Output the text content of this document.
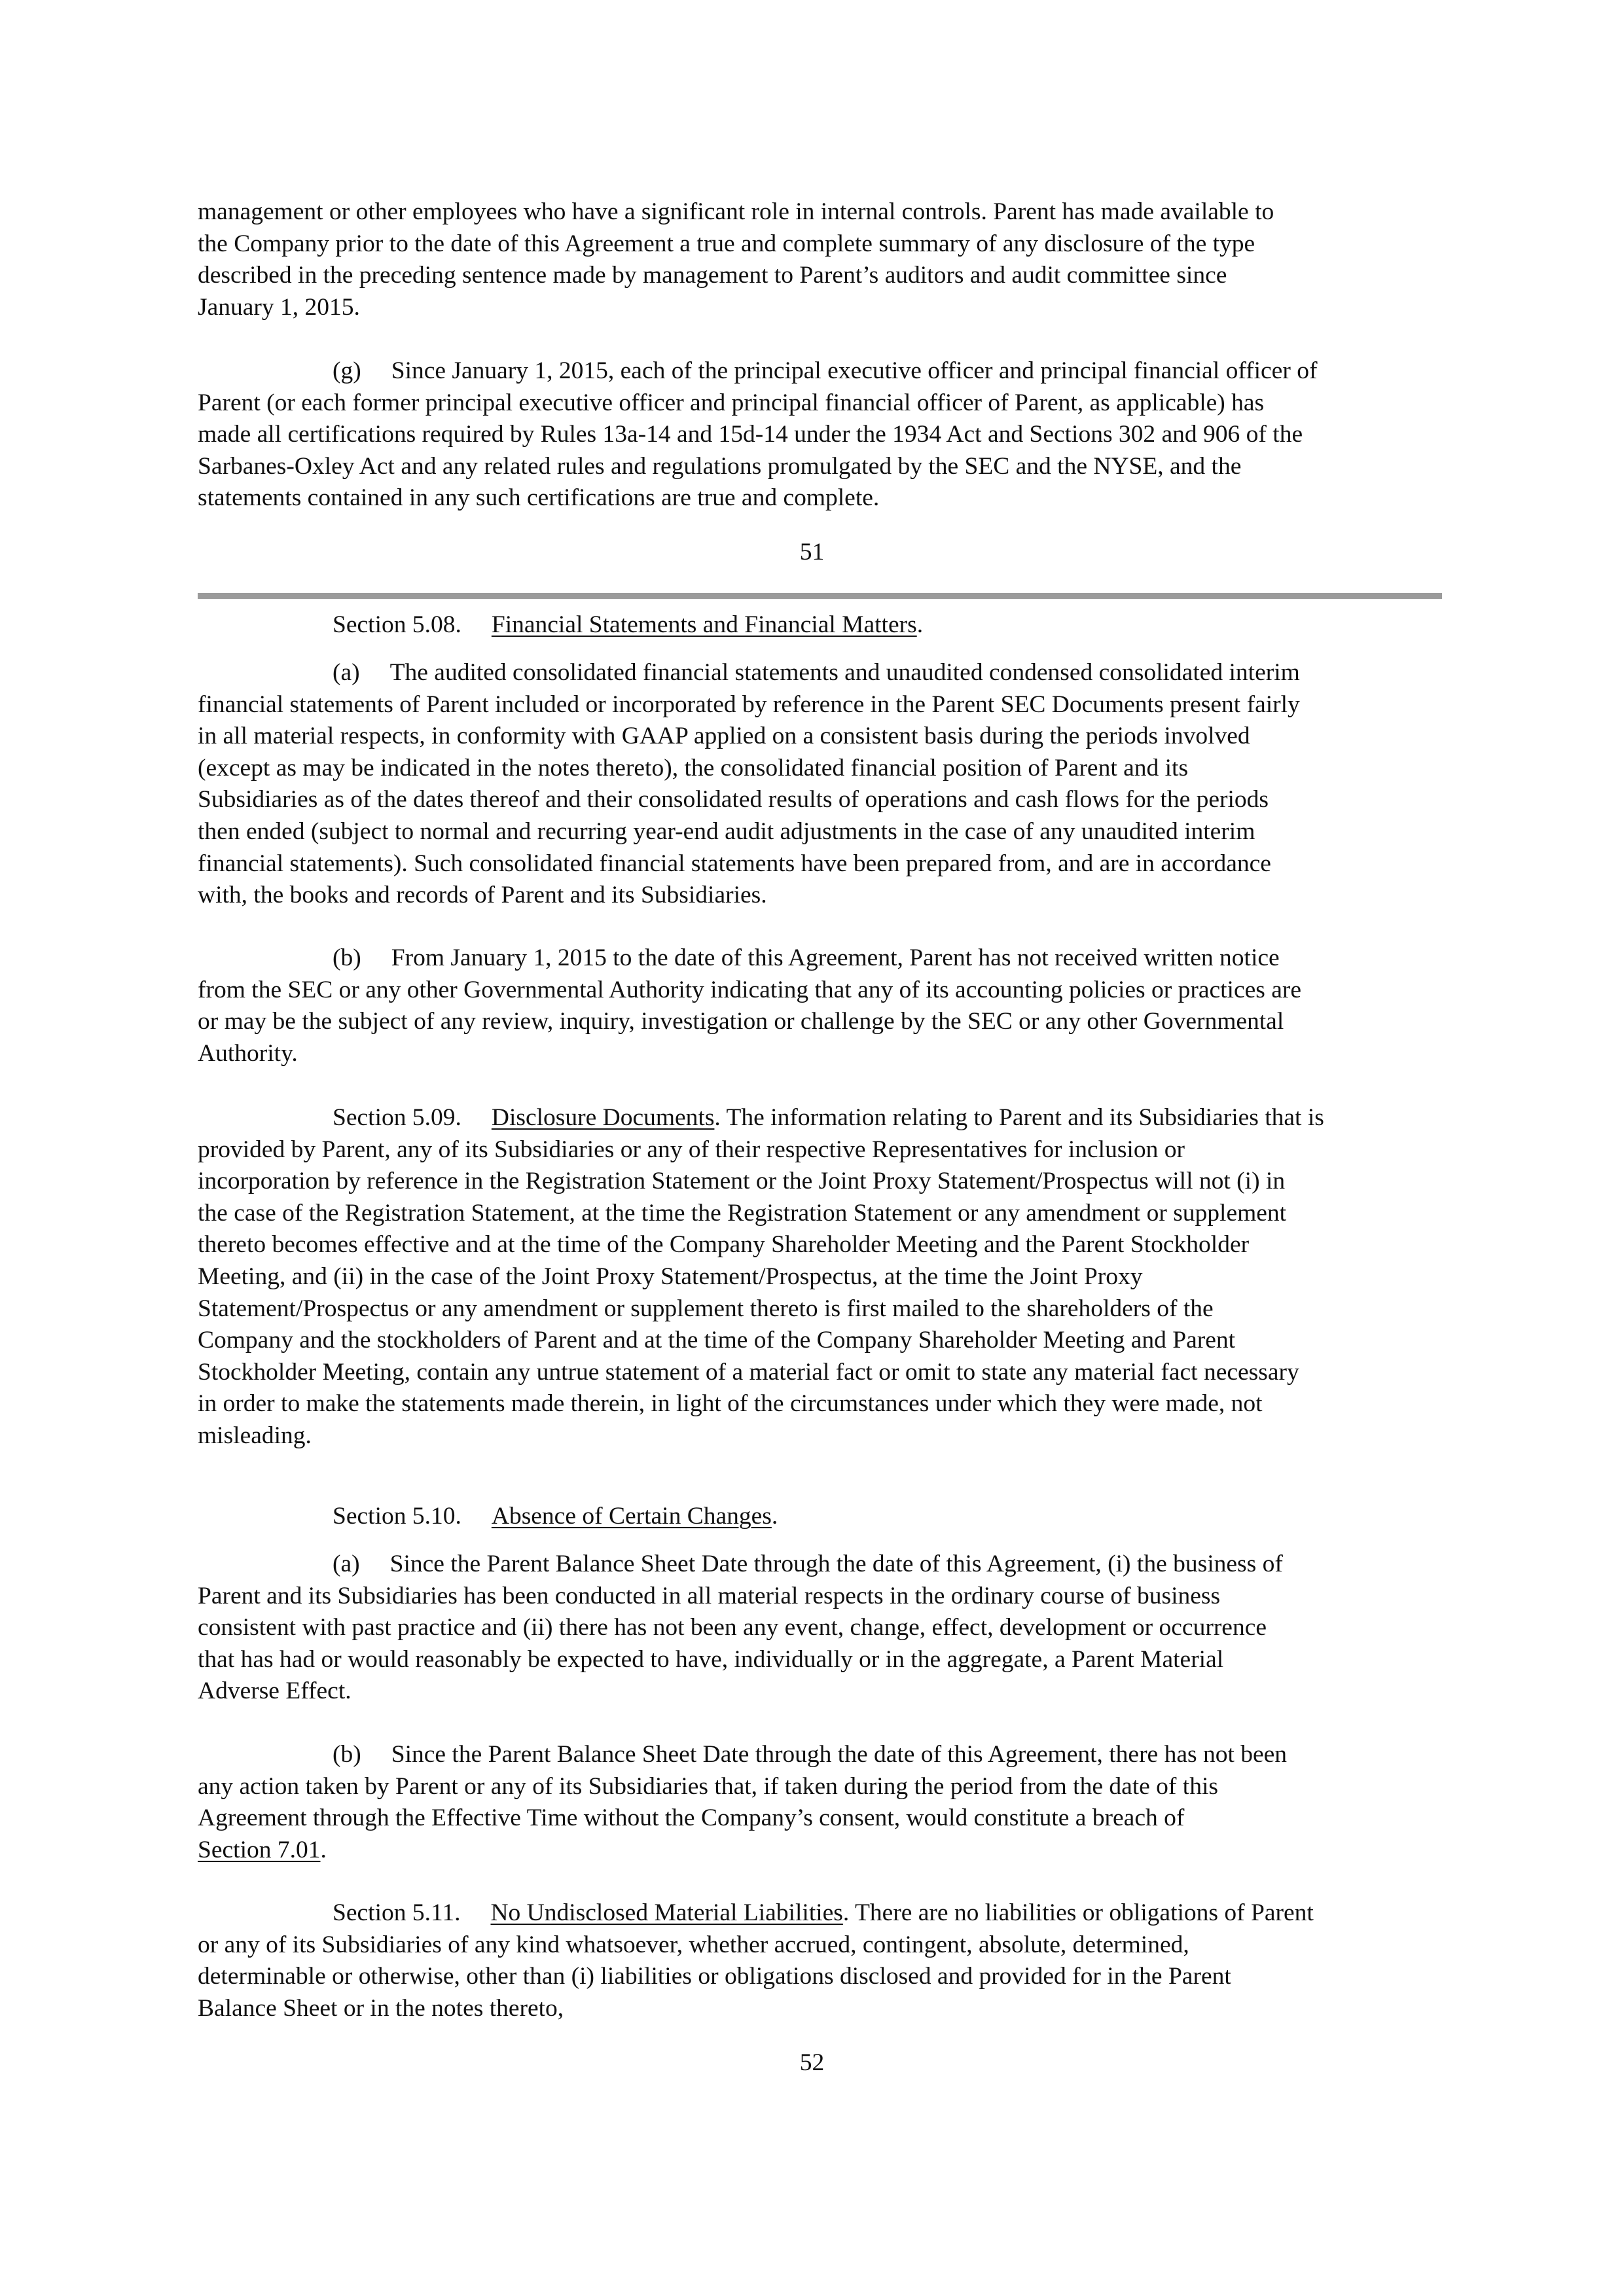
management or other employees who have a significant role in internal controls. Parent has made available to
the Company prior to the date of this Agreement a true and complete summary of any disclosure of the type
described in the preceding sentence made by management to Parent’s auditors and audit committee since
January 1, 2015.
(g) Since January 1, 2015, each of the principal executive officer and principal financial officer of
Parent (or each former principal executive officer and principal financial officer of Parent, as applicable) has
made all certifications required by Rules 13a-14 and 15d-14 under the 1934 Act and Sections 302 and 906 of the
Sarbanes-Oxley Act and any related rules and regulations promulgated by the SEC and the NYSE, and the
statements contained in any such certifications are true and complete.
51
Section 5.08. Financial Statements and Financial Matters.
(a) The audited consolidated financial statements and unaudited condensed consolidated interim
financial statements of Parent included or incorporated by reference in the Parent SEC Documents present fairly
in all material respects, in conformity with GAAP applied on a consistent basis during the periods involved
(except as may be indicated in the notes thereto), the consolidated financial position of Parent and its
Subsidiaries as of the dates thereof and their consolidated results of operations and cash flows for the periods
then ended (subject to normal and recurring year-end audit adjustments in the case of any unaudited interim
financial statements). Such consolidated financial statements have been prepared from, and are in accordance
with, the books and records of Parent and its Subsidiaries.
(b) From January 1, 2015 to the date of this Agreement, Parent has not received written notice
from the SEC or any other Governmental Authority indicating that any of its accounting policies or practices are
or may be the subject of any review, inquiry, investigation or challenge by the SEC or any other Governmental
Authority.
Section 5.09. Disclosure Documents. The information relating to Parent and its Subsidiaries that is
provided by Parent, any of its Subsidiaries or any of their respective Representatives for inclusion or
incorporation by reference in the Registration Statement or the Joint Proxy Statement/Prospectus will not (i) in
the case of the Registration Statement, at the time the Registration Statement or any amendment or supplement
thereto becomes effective and at the time of the Company Shareholder Meeting and the Parent Stockholder
Meeting, and (ii) in the case of the Joint Proxy Statement/Prospectus, at the time the Joint Proxy
Statement/Prospectus or any amendment or supplement thereto is first mailed to the shareholders of the
Company and the stockholders of Parent and at the time of the Company Shareholder Meeting and Parent
Stockholder Meeting, contain any untrue statement of a material fact or omit to state any material fact necessary
in order to make the statements made therein, in light of the circumstances under which they were made, not
misleading.
Section 5.10. Absence of Certain Changes.
(a) Since the Parent Balance Sheet Date through the date of this Agreement, (i) the business of
Parent and its Subsidiaries has been conducted in all material respects in the ordinary course of business
consistent with past practice and (ii) there has not been any event, change, effect, development or occurrence
that has had or would reasonably be expected to have, individually or in the aggregate, a Parent Material
Adverse Effect.
(b) Since the Parent Balance Sheet Date through the date of this Agreement, there has not been
any action taken by Parent or any of its Subsidiaries that, if taken during the period from the date of this
Agreement through the Effective Time without the Company’s consent, would constitute a breach of
Section 7.01.
Section 5.11. No Undisclosed Material Liabilities. There are no liabilities or obligations of Parent
or any of its Subsidiaries of any kind whatsoever, whether accrued, contingent, absolute, determined,
determinable or otherwise, other than (i) liabilities or obligations disclosed and provided for in the Parent
Balance Sheet or in the notes thereto,
52
